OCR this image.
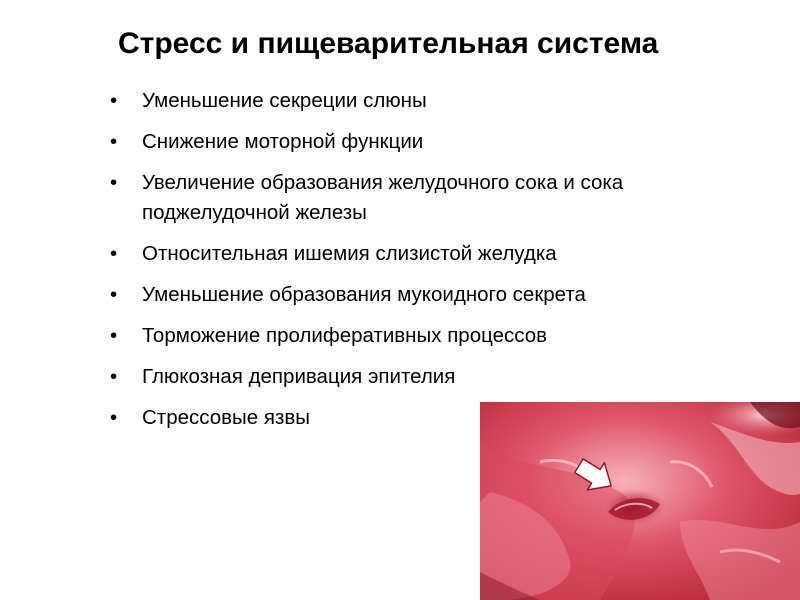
Стресс и пищеварительная система
• Уменьшение секреции слюны
• Снижение моторной функции
• Увеличение образования желудочного сока и сока поджелудочной железы
• Относительная ишемия слизистой желудка
• Уменьшение образования мукоидного секрета
• Торможение пролиферативных процессов
• Глюкозная депривация эпителия
• Стрессовые язвы
